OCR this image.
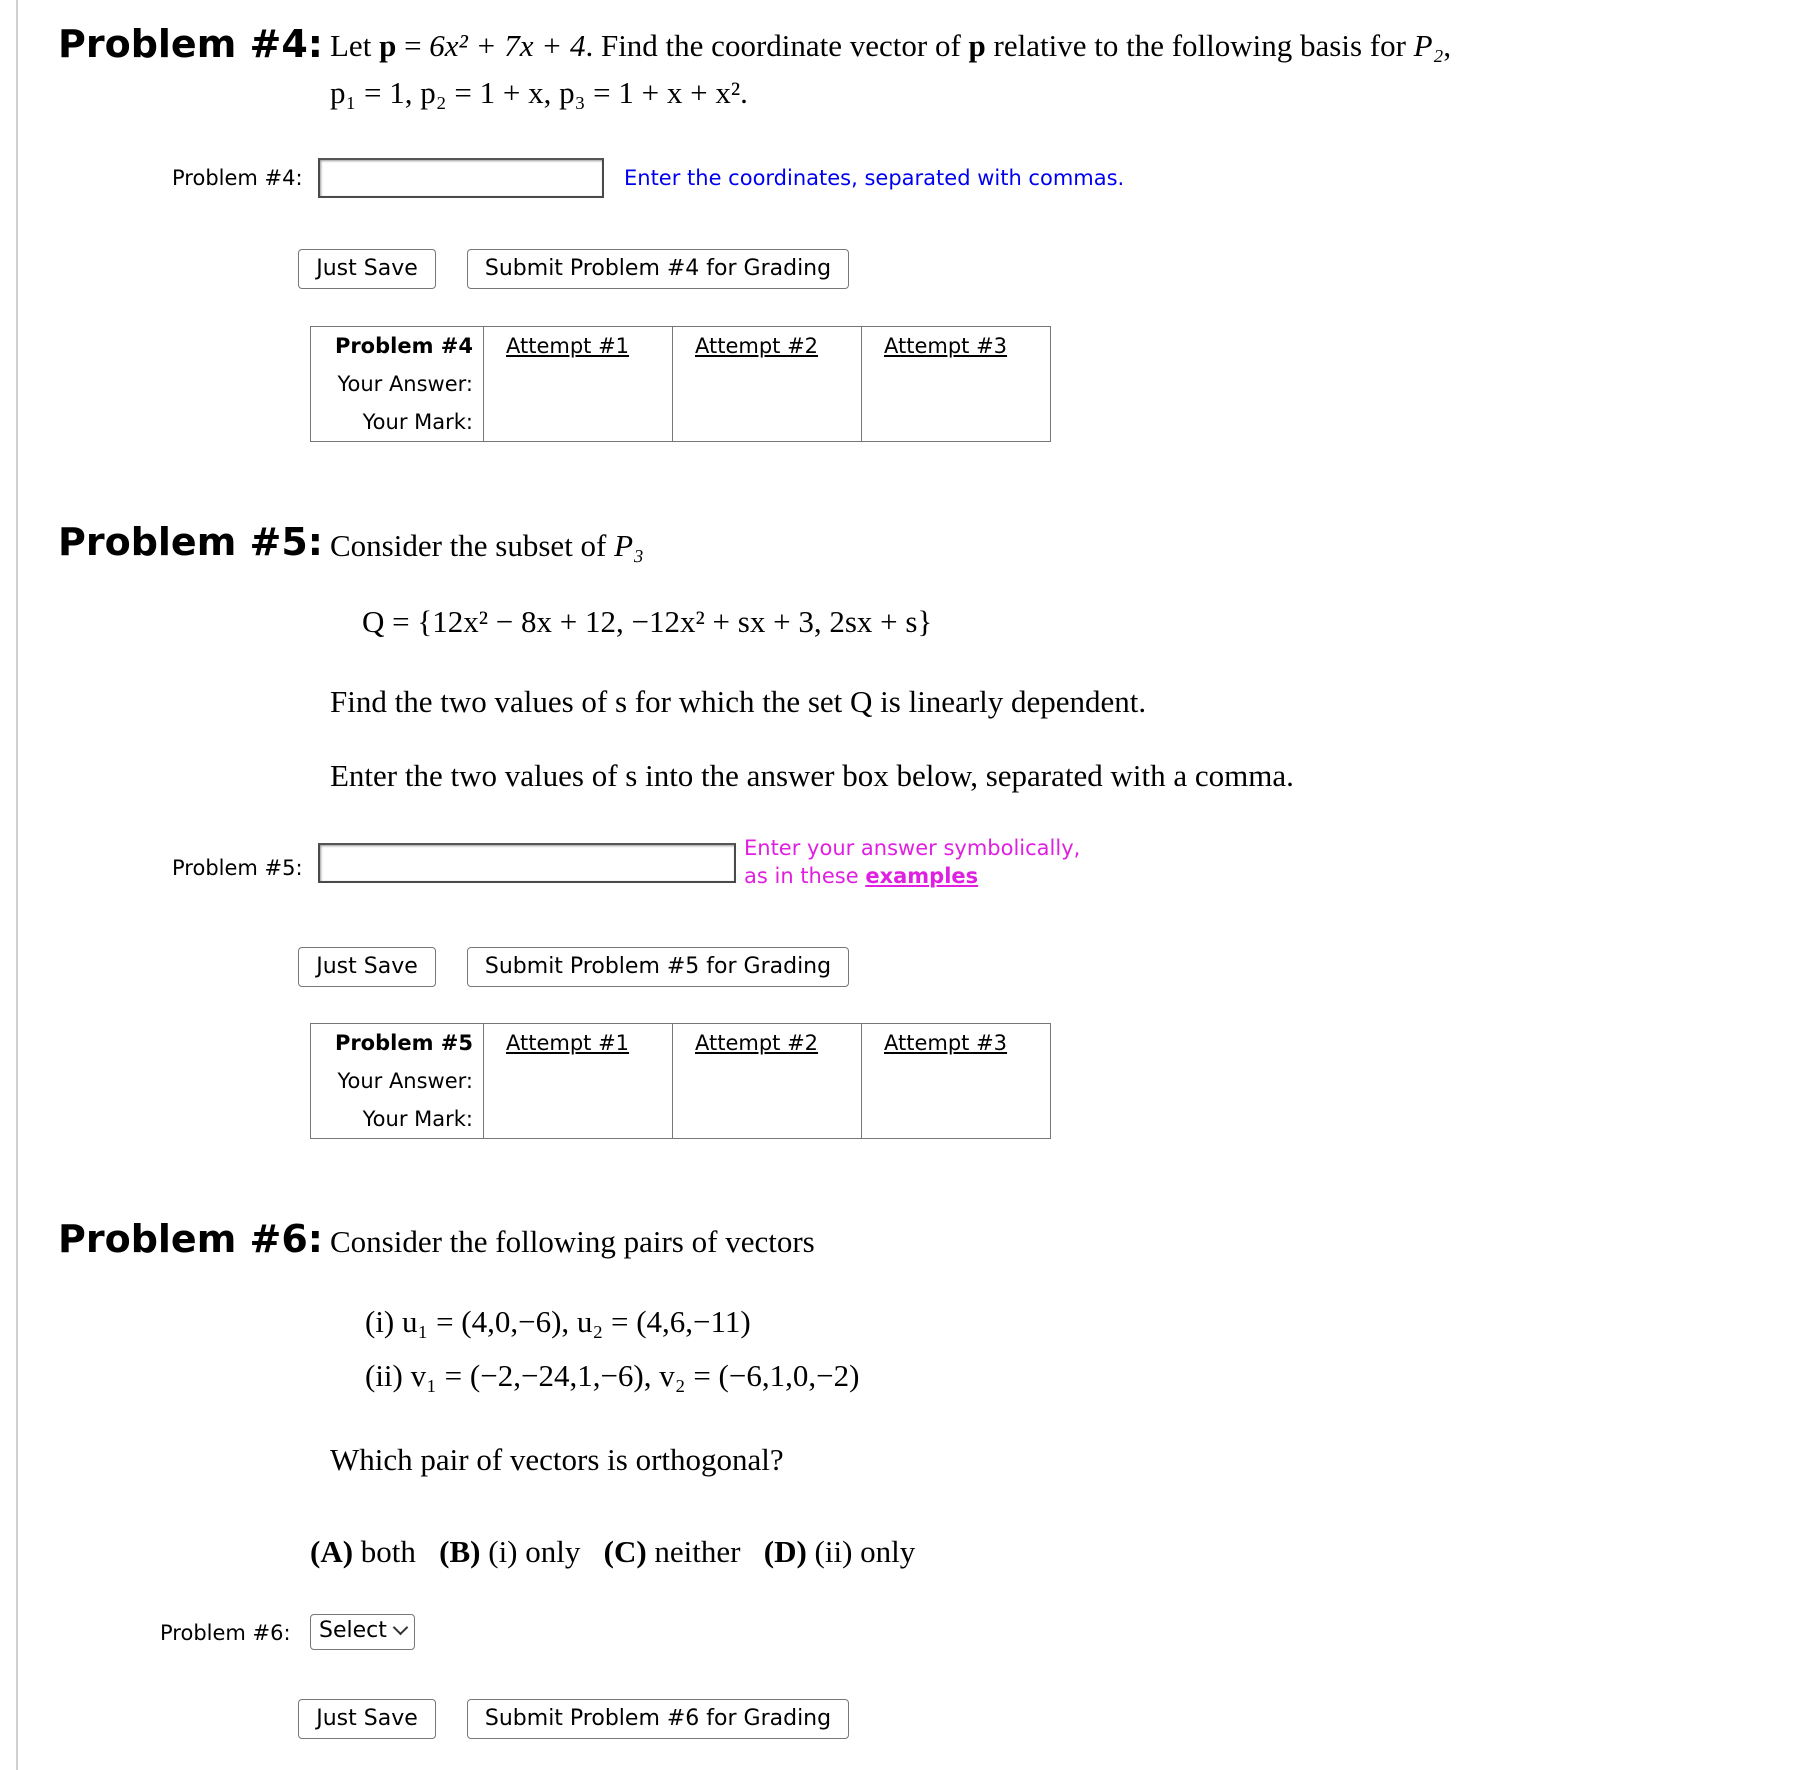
Problem #4: Let p = 6x² + 7x + 4. Find the coordinate vector of p relative to the following basis for P₂,
p₁ = 1, p₂ = 1 + x, p₃ = 1 + x + x².
Problem #4:	Enter the coordinates, separated with commas.
Just Save	Submit Problem #4 for Grading
Problem #4	Attempt #1	Attempt #2	Attempt #3
Your Answer:			
Your Mark:			
Problem #5: Consider the subset of P₃
Q = {12x² − 8x + 12, −12x² + sx + 3, 2sx + s}
Find the two values of s for which the set Q is linearly dependent.
Enter the two values of s into the answer box below, separated with a comma.
Problem #5:
Enter your answer symbolically,
as in these examples
Just Save	Submit Problem #5 for Grading
Problem #5	Attempt #1	Attempt #2	Attempt #3
Your Answer:			
Your Mark:			
Problem #6: Consider the following pairs of vectors
(i) u₁ = (4,0,−6), u₂ = (4,6,−11)
(ii) v₁ = (−2,−24,1,−6), v₂ = (−6,1,0,−2)
Which pair of vectors is orthogonal?
(A) both (B) (i) only (C) neither (D) (ii) only
Problem #6:	Select
Just Save	Submit Problem #6 for Grading
